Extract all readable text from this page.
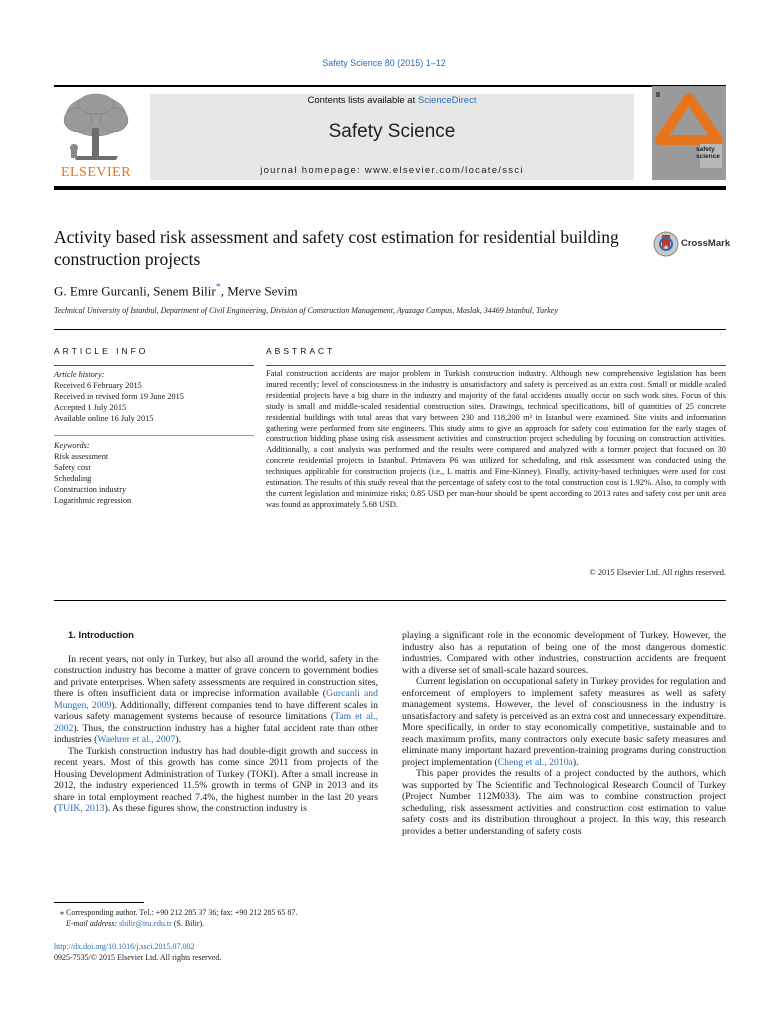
Safety Science 80 (2015) 1–12
ELSEVIER
Contents lists available at ScienceDirect
Safety Science
journal homepage: www.elsevier.com/locate/ssci
safety
science
Activity based risk assessment and safety cost estimation for residential building construction projects
CrossMark
G. Emre Gurcanli, Senem Bilir*, Merve Sevim
Technical University of Istanbul, Department of Civil Engineering, Division of Construction Management, Ayazaga Campus, Maslak, 34469 Istanbul, Turkey
ARTICLE INFO	ABSTRACT
Article history:
Received 6 February 2015
Received in revised form 19 June 2015
Accepted 1 July 2015
Available online 16 July 2015
Keywords:
Risk assessment
Safety cost
Scheduling
Construction industry
Logarithmic regression
Fatal construction accidents are major problem in Turkish construction industry. Although new comprehensive legislation has been inured recently; level of consciousness in the industry is unsatisfactory and safety is perceived as an extra cost. Small or middle scaled residential projects have a big share in the industry and majority of the fatal accidents usually occur on such work sites. Focus of this study is small and middle-scaled residential construction sites. Drawings, technical specifications, bill of quantities of 25 concrete residential buildings with total areas that vary between 230 and 118,200 m² in Istanbul were examined. Site visits and information gathering were performed from site engineers. This study aims to give an approach for safety cost estimation for the early stages of construction bidding phase using risk assessment activities and construction project scheduling by focusing on construction activities. Additionally, a cost analysis was performed and the results were compared and analyzed with a former project that focused on 30 concrete residential projects in Istanbul. Primavera P6 was utilized for scheduling, and risk assessment was conducted using the techniques applicable for construction projects (i.e., L matrix and Fine-Kinney). Finally, activity-based techniques were used for cost estimation. The results of this study reveal that the percentage of safety cost to the total construction cost is 1.92%. Also, to comply with the current legislation and minimize risks; 0.85 USD per man-hour should be spent according to 2013 rates and safety cost per unit area was found as approximately 5.68 USD.
© 2015 Elsevier Ltd. All rights reserved.

1. Introduction

In recent years, not only in Turkey, but also all around the world, safety in the construction industry has become a matter of grave concern to government bodies and private enterprises. When safety assessments are required in construction sites, there is often insufficient data or imprecise information available (Gurcanli and Mungen, 2009). Additionally, different companies tend to have different scales in various safety management systems because of resource limitations (Tam et al., 2002). Thus, the construction industry has a higher fatal accident rate than other industries (Waehrer et al., 2007).

The Turkish construction industry has had double-digit growth and success in recent years. Most of this growth has come since 2011 from projects of the Housing Development Administration of Turkey (TOKI). After a small increase in 2012, the industry experienced 11.5% growth in terms of GNP in 2013 and its share in total employment reached 7.4%, the highest number in the last 20 years (TUIK, 2013). As these figures show, the construction industry is

playing a significant role in the economic development of Turkey. However, the industry also has a reputation of being one of the most dangerous domestic industries. Compared with other industries, construction accidents are frequent with a diverse set of small-scale hazard sources.

Current legislation on occupational safety in Turkey provides for regulation and enforcement of employers to implement safety measures as well as safety management systems. However, the level of consciousness in the industry is unsatisfactory and safety is perceived as an extra cost and unnecessary expenditure. More specifically, in order to stay economically competitive, sustainable and to reach maximum profits, many contractors only execute basic safety measures and eliminate many important hazard prevention-training programs during construction project implementation (Cheng et al., 2010a).

This paper provides the results of a project conducted by the authors, which was supported by The Scientific and Technological Research Council of Turkey (Project Number 112M033). The aim was to combine construction project scheduling, risk assessment activities and construction cost estimation to value safety costs and its distribution throughout a project. In this way, this research provides a better understanding of safety costs

⁎ Corresponding author. Tel.: +90 212 285 37 36; fax: +90 212 285 65 87.
E-mail address: sbilir@itu.edu.tr (S. Bilir).
http://dx.doi.org/10.1016/j.ssci.2015.07.002
0925-7535/© 2015 Elsevier Ltd. All rights reserved.
